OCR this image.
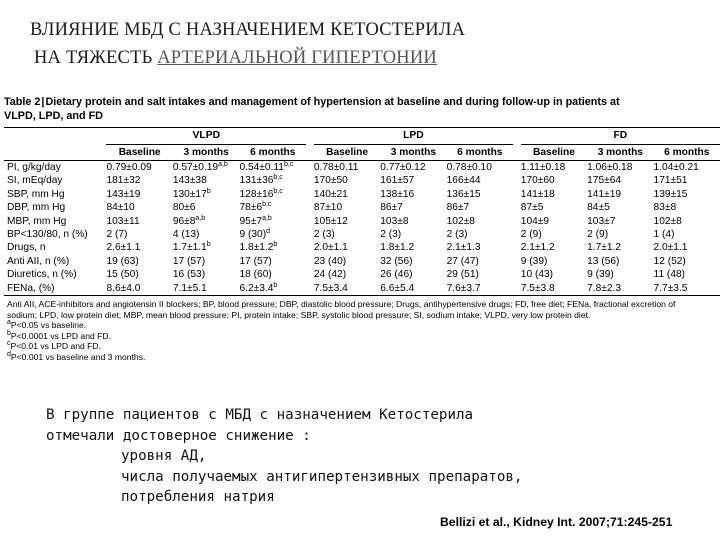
ВЛИЯНИЕ МБД С НАЗНАЧЕНИЕМ КЕТОСТЕРИЛА
НА ТЯЖЕСТЬ АРТЕРИАЛЬНОЙ ГИПЕРТОНИИ
Table 2|Dietary protein and salt intakes and management of hypertension at baseline and during follow-up in patients at
VLPD, LPD, and FD
	VLPD				LPD				FD		
	Baseline	3 months	6 months		Baseline	3 months	6 months		Baseline	3 months	6 months
PI, g/kg/day	0.79±0.09	$0.57\pm 0.19^{a,b}$	$0.54\pm 0.11^{b,c}$		0.78±0.11	0.77±0.12	0.78±0.10		1.11±0.18	1.06±0.18	1.04±0.21
SI, mEq/day	181±32	143±38	$131\pm 36^{b,c}$		170±50	161±57	166±44		170±60	175±64	171±51
SBP, mm Hg	143±19	$130\pm 17^b$	$128\pm 16^{b,c}$		140±21	138±16	136±15		141±18	141±19	139±15
DBP, mm Hg	84±10	80±6	$78\pm 6^{b,c}$		87±10	86±7	86±7		87±5	84±5	83±8
MBP, mm Hg	103±11	$96\pm 8^{a,b}$	$95\pm 7^{a,b}$		105±12	103±8	102±8		104±9	103±7	102±8
BP<130/80, n (%)	2 (7)	4 (13)	9 $(30)^d$		2 (3)	2 (3)	2 (3)		2 (9)	2 (9)	1 (4)
Drugs, n	2.6±1.1	1.7±1.1$^b$	1.8±1.2$^b$		2.0±1.1	1.8±1.2	2.1±1.3		2.1±1.2	1.7±1.2	2.0±1.1
Anti AII, n (%)	19 (63)	17 (57)	17 (57)		23 (40)	32 (56)	27 (47)		9 (39)	13 (56)	12 (52)
Diuretics, n (%)	15 (50)	16 (53)	18 (60)		24 (42)	26 (46)	29 (51)		10 (43)	9 (39)	11 (48)
FENa, (%)	8.6±4.0	7.1±5.1	6.2±3.4$^b$		7.5±3.4	6.6±5.4	7.6±3.7		7.5±3.8	7.8±2.3	7.7±3.5
Anti AII, ACE-inhibitors and angiotensin II blockers; BP, blood pressure; DBP, diastolic blood pressure; Drugs, antihypertensive drugs; FD, free diet; FENa, fractional excretion of
sodium; LPD, low protein diet; MBP, mean blood pressure; PI, protein intake; SBP, systolic blood pressure; SI, sodium intake; VLPD, very low protein diet.
$^a$P<0.05 vs baseline.
$^b$P<0.0001 vs LPD and FD.
$^c$P<0.01 vs LPD and FD.
$^d$P<0.001 vs baseline and 3 months.
В группе пациентов с МБД с назначением Кетостерила
отмечали достоверное снижение :
уровня АД,
числа получаемых антигипертензивных препаратов,
потребления натрия
Bellizi et al., Kidney Int. 2007;71:245-251
